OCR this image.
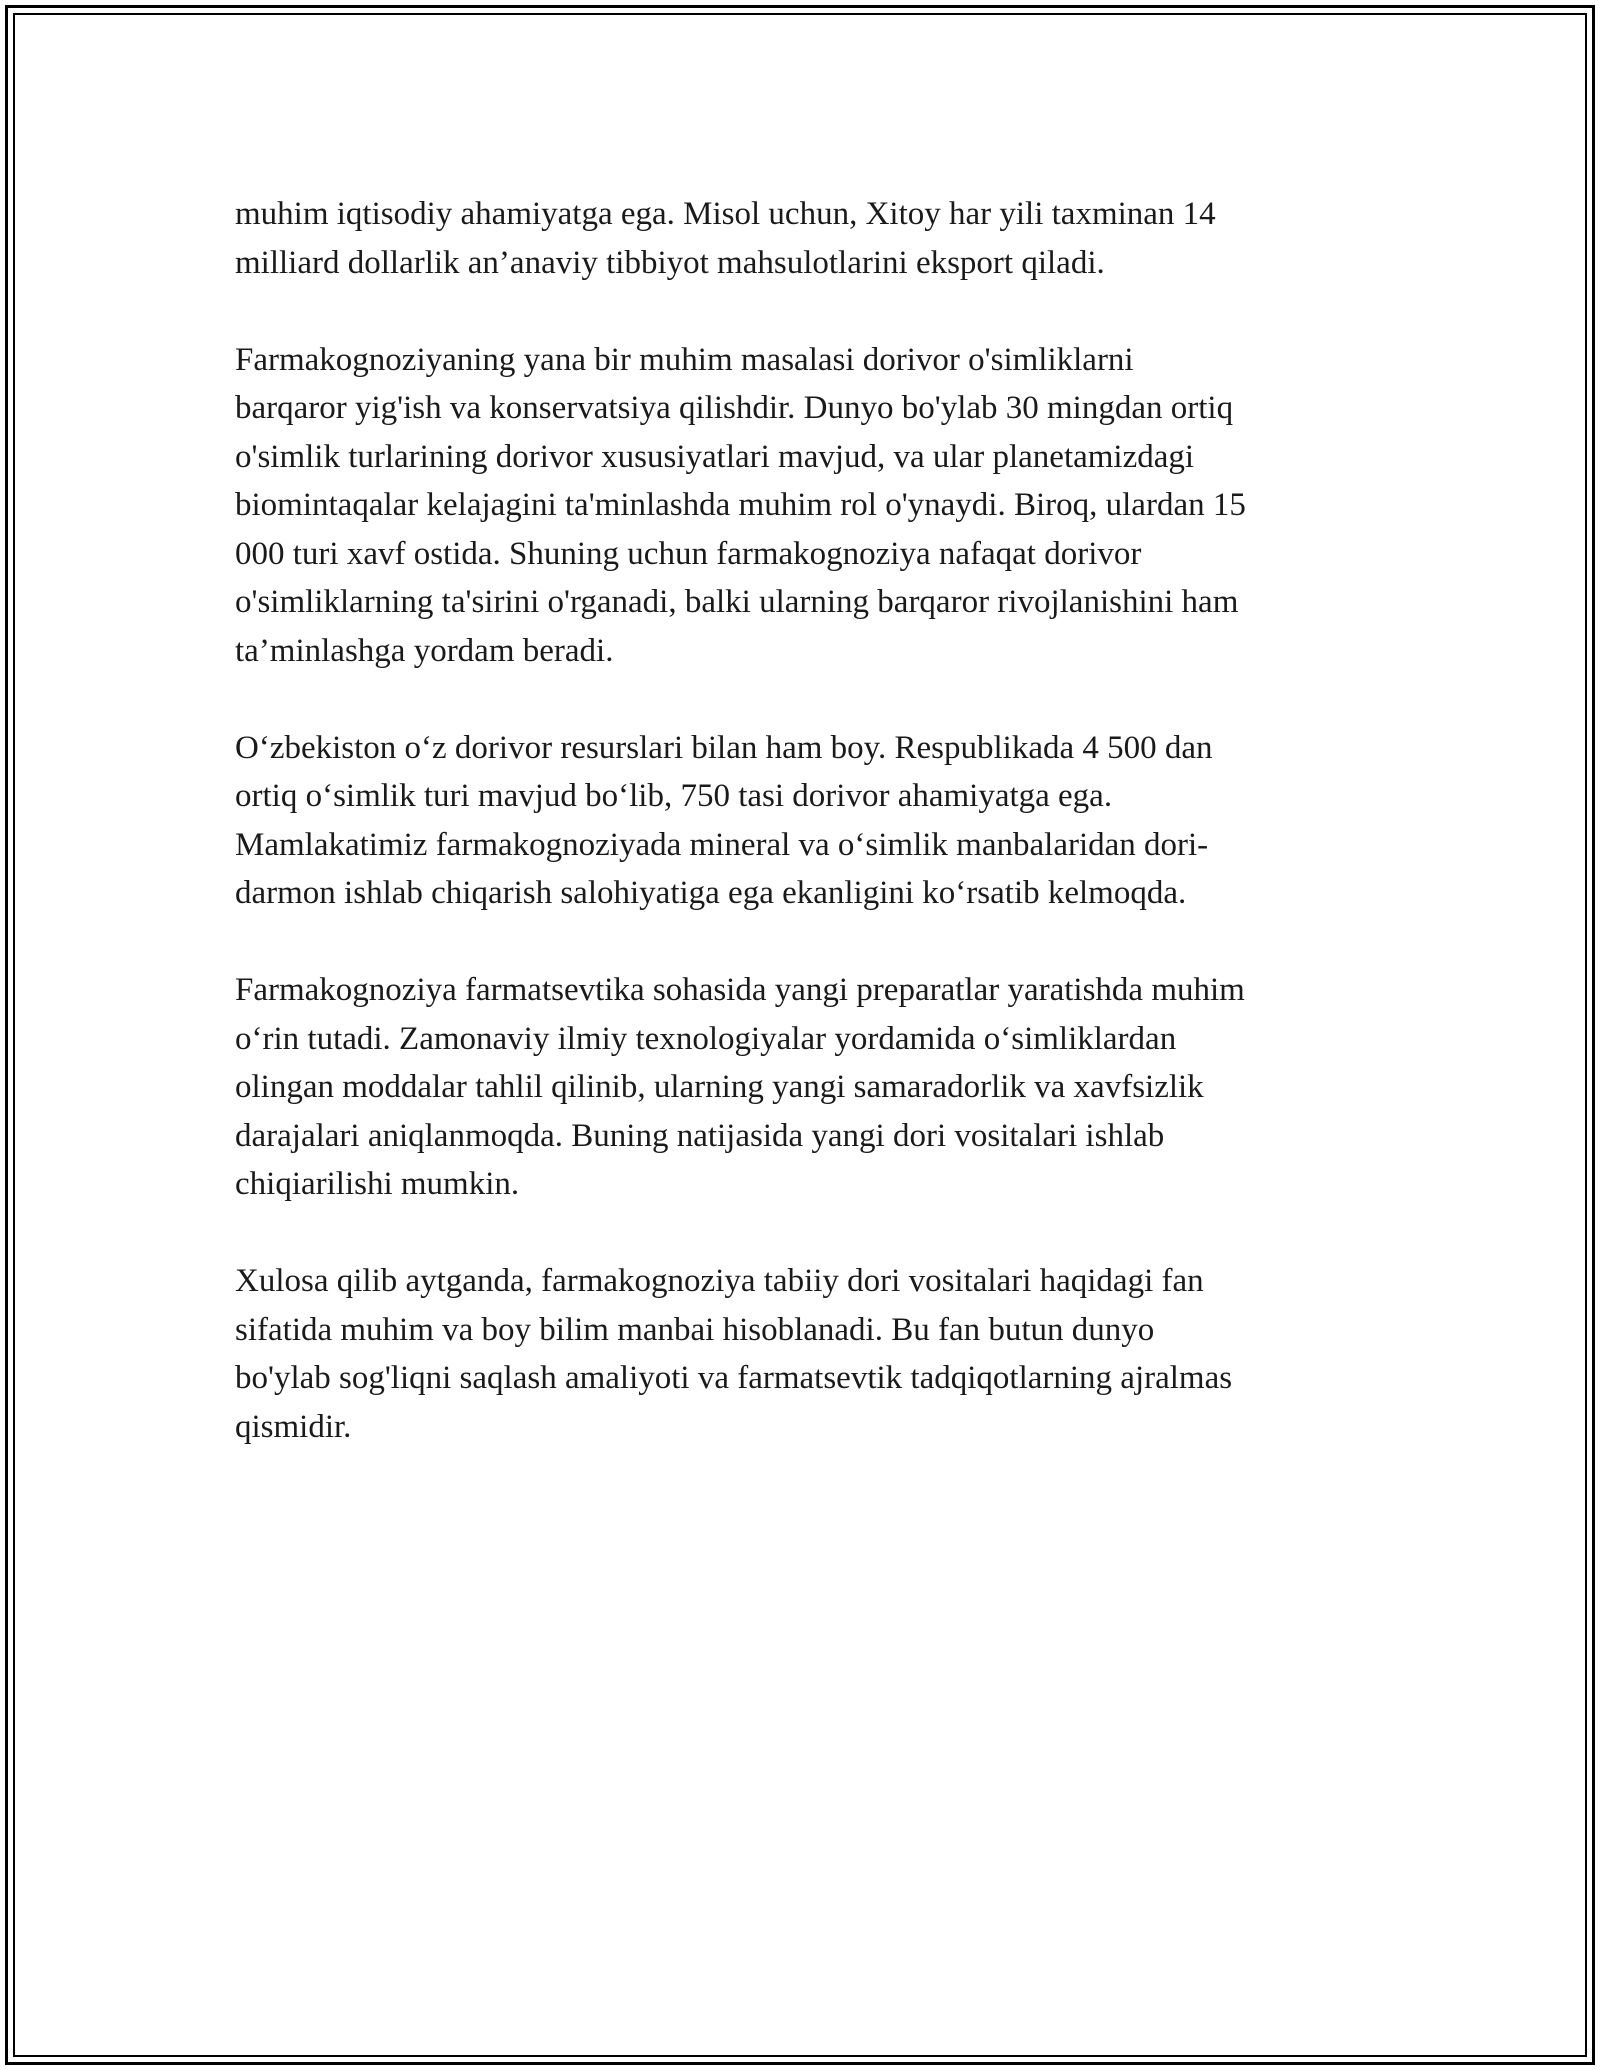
muhim iqtisodiy ahamiyatga ega. Misol uchun, Xitoy har yili taxminan 14
milliard dollarlik an’anaviy tibbiyot mahsulotlarini eksport qiladi.

Farmakognoziyaning yana bir muhim masalasi dorivor o'simliklarni
barqaror yig'ish va konservatsiya qilishdir. Dunyo bo'ylab 30 mingdan ortiq
o'simlik turlarining dorivor xususiyatlari mavjud, va ular planetamizdagi
biomintaqalar kelajagini ta'minlashda muhim rol o'ynaydi. Biroq, ulardan 15
000 turi xavf ostida. Shuning uchun farmakognoziya nafaqat dorivor
o'simliklarning ta'sirini o'rganadi, balki ularning barqaror rivojlanishini ham
ta’minlashga yordam beradi.

O‘zbekiston o‘z dorivor resurslari bilan ham boy. Respublikada 4 500 dan
ortiq o‘simlik turi mavjud bo‘lib, 750 tasi dorivor ahamiyatga ega.
Mamlakatimiz farmakognoziyada mineral va o‘simlik manbalaridan dori-
darmon ishlab chiqarish salohiyatiga ega ekanligini ko‘rsatib kelmoqda.

Farmakognoziya farmatsevtika sohasida yangi preparatlar yaratishda muhim
o‘rin tutadi. Zamonaviy ilmiy texnologiyalar yordamida o‘simliklardan
olingan moddalar tahlil qilinib, ularning yangi samaradorlik va xavfsizlik
darajalari aniqlanmoqda. Buning natijasida yangi dori vositalari ishlab
chiqiarilishi mumkin.

Xulosa qilib aytganda, farmakognoziya tabiiy dori vositalari haqidagi fan
sifatida muhim va boy bilim manbai hisoblanadi. Bu fan butun dunyo
bo'ylab sog'liqni saqlash amaliyoti va farmatsevtik tadqiqotlarning ajralmas
qismidir.
